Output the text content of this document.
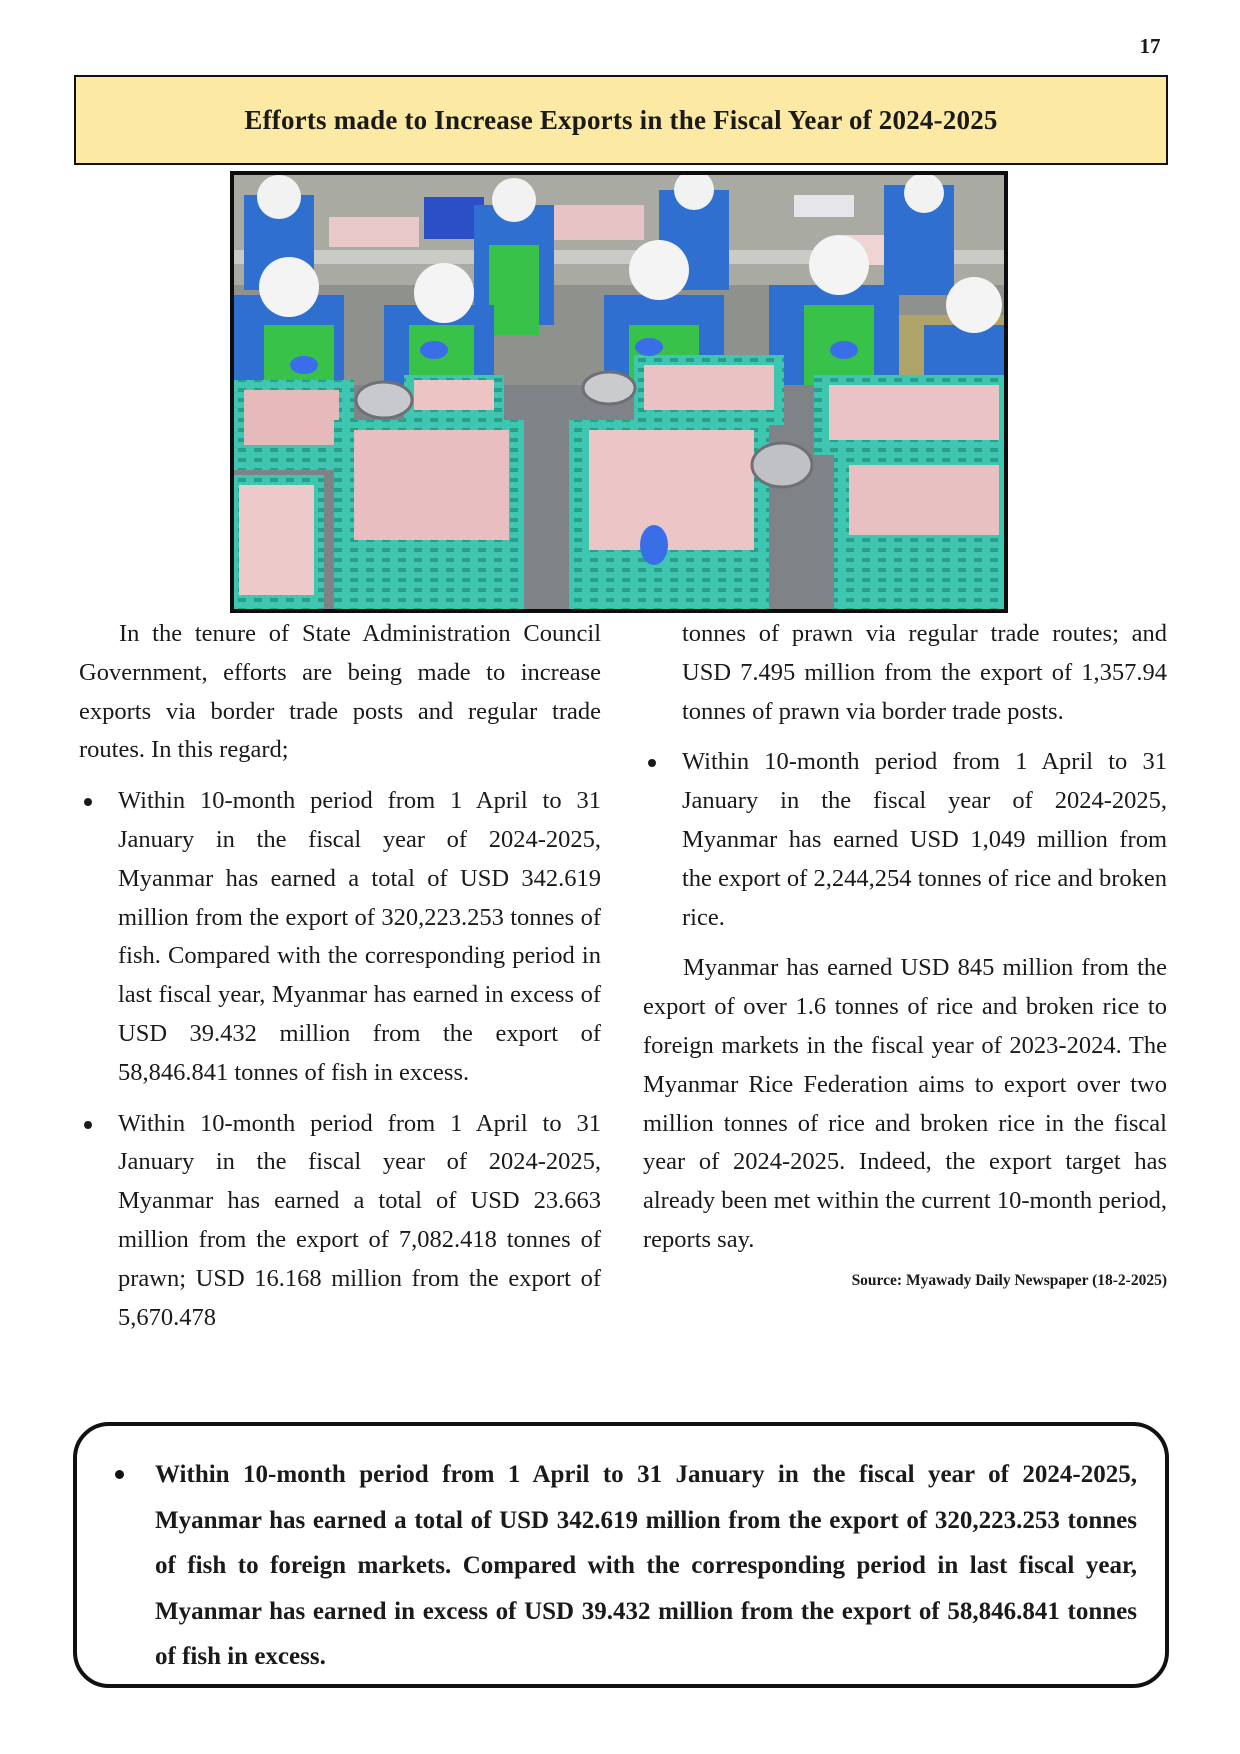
17
Efforts made to Increase Exports in the Fiscal Year of 2024-2025

In the tenure of State Administration Council Government, efforts are being made to increase exports via border trade posts and regular trade routes. In this regard;

Within 10-month period from 1 April to 31 January in the fiscal year of 2024-2025, Myanmar has earned a total of USD 342.619 million from the export of 320,223.253 tonnes of fish. Compared with the corresponding period in last fiscal year, Myanmar has earned in excess of USD 39.432 million from the export of 58,846.841 tonnes of fish in excess.
Within 10-month period from 1 April to 31 January in the fiscal year of 2024-2025, Myanmar has earned a total of USD 23.663 million from the export of 7,082.418 tonnes of prawn; USD 16.168 million from the export of 5,670.478

tonnes of prawn via regular trade routes; and USD 7.495 million from the export of 1,357.94 tonnes of prawn via border trade posts.

Within 10-month period from 1 April to 31 January in the fiscal year of 2024-2025, Myanmar has earned USD 1,049 million from the export of 2,244,254 tonnes of rice and broken rice.

Myanmar has earned USD 845 million from the export of over 1.6 tonnes of rice and broken rice to foreign markets in the fiscal year of 2023-2024. The Myanmar Rice Federation aims to export over two million tonnes of rice and broken rice in the fiscal year of 2024-2025. Indeed, the export target has already been met within the current 10-month period, reports say.

Source: Myawady Daily Newspaper (18-2-2025)

Within 10-month period from 1 April to 31 January in the fiscal year of 2024-2025, Myanmar has earned a total of USD 342.619 million from the export of 320,223.253 tonnes of fish to foreign markets. Compared with the corresponding period in last fiscal year, Myanmar has earned in excess of USD 39.432 million from the export of 58,846.841 tonnes of fish in excess.
